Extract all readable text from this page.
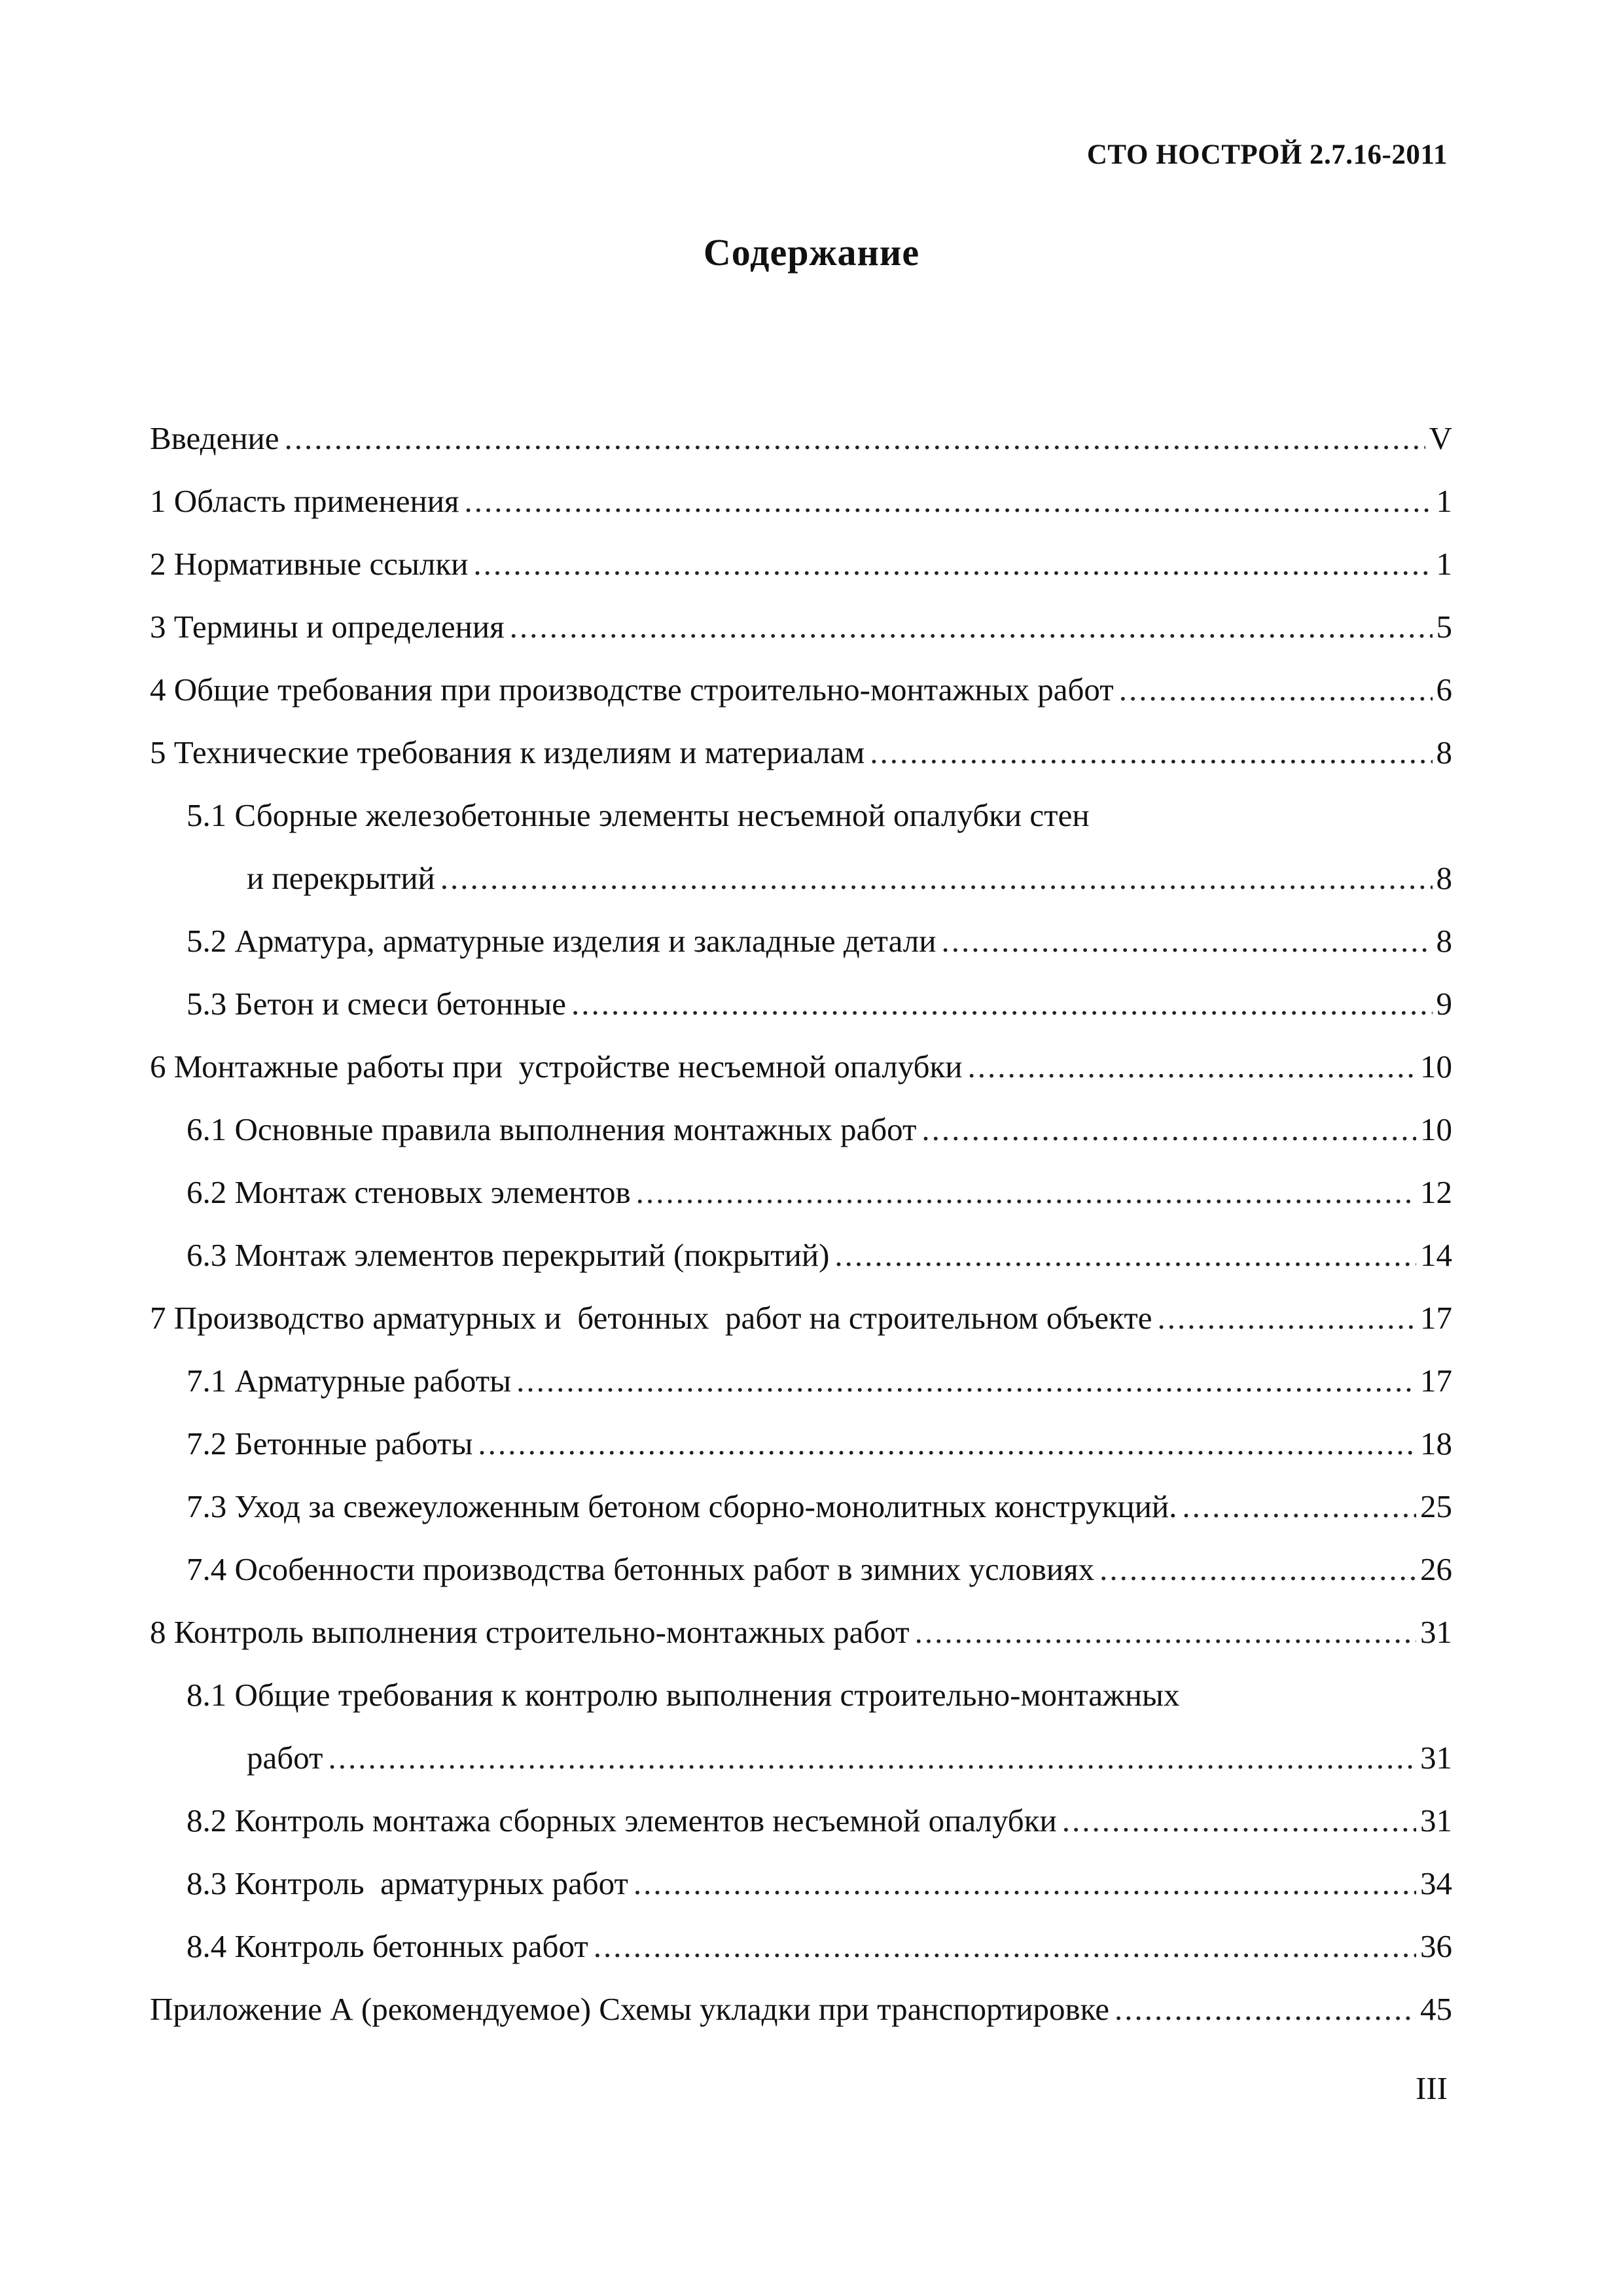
СТО НОСТРОЙ 2.7.16-2011
Содержание
Введение .....	V
1 Область применения .....	1
2 Нормативные ссылки .....	1
3 Термины и определения .....	5
4 Общие требования при производстве строительно-монтажных работ .....	6
5 Технические требования к изделиям и материалам .....	8
5.1 Сборные железобетонные элементы несъемной опалубки стен
и перекрытий .....	8
5.2 Арматура, арматурные изделия и закладные детали .....	8
5.3 Бетон и смеси бетонные .....	9
6 Монтажные работы при  устройстве несъемной опалубки .....	10
6.1 Основные правила выполнения монтажных работ .....	10
6.2 Монтаж стеновых элементов .....	12
6.3 Монтаж элементов перекрытий (покрытий) .....	14
7 Производство арматурных и  бетонных  работ на строительном объекте .....	17
7.1 Арматурные работы .....	17
7.2 Бетонные работы .....	18
7.3 Уход за свежеуложенным бетоном сборно-монолитных конструкций. .....	25
7.4 Особенности производства бетонных работ в зимних условиях .....	26
8 Контроль выполнения строительно-монтажных работ .....	31
8.1 Общие требования к контролю выполнения строительно-монтажных
работ .....	31
8.2 Контроль монтажа сборных элементов несъемной опалубки .....	31
8.3 Контроль  арматурных работ .....	34
8.4 Контроль бетонных работ .....	36
Приложение А (рекомендуемое) Схемы укладки при транспортировке .....	45
III
